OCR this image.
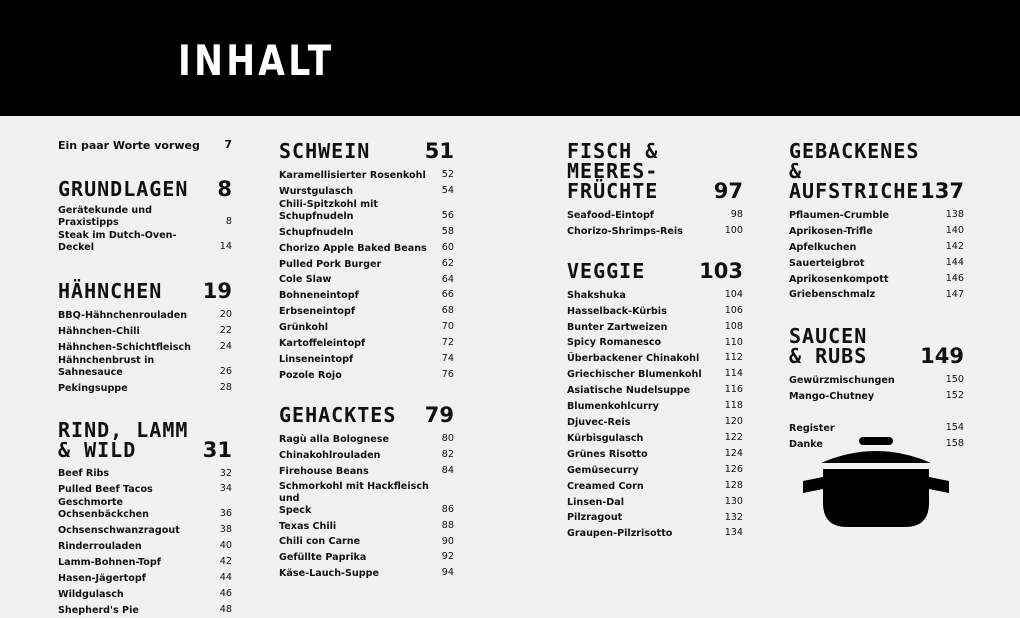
INHALT
Ein paar Worte vorweg	7
GRUNDLAGEN 8
Gerätekunde und Praxistipps	8
Steak im Dutch-Oven-Deckel	14
HÄHNCHEN 19
BBQ-Hähnchenrouladen	20
Hähnchen-Chili	22
Hähnchen-Schichtfleisch	24
Hähnchenbrust in Sahnesauce	26
Pekingsuppe	28
RIND, LAMM
& WILD	31
Beef Ribs	32
Pulled Beef Tacos	34
Geschmorte Ochsenbäckchen	36
Ochsenschwanzragout	38
Rinderrouladen	40
Lamm-Bohnen-Topf	42
Hasen-Jägertopf	44
Wildgulasch	46
Shepherd's Pie	48
SCHWEIN	51
Karamellisierter Rosenkohl	52
Wurstgulasch	54
Chili-Spitzkohl mit Schupfnudeln	56
Schupfnudeln	58
Chorizo Apple Baked Beans	60
Pulled Pork Burger	62
Cole Slaw	64
Bohneneintopf	66
Erbseneintopf	68
Grünkohl	70
Kartoffeleintopf	72
Linseneintopf	74
Pozole Rojo	76
GEHACKTES 79
Ragù alla Bolognese	80
Chinakohlrouladen	82
Firehouse Beans	84
Schmorkohl mit Hackfleisch und
Speck	86
Texas Chili	88
Chili con Carne	90
Gefüllte Paprika	92
Käse-Lauch-Suppe	94
FISCH & MEERES-
FRÜCHTE	97
Seafood-Eintopf	98
Chorizo-Shrimps-Reis	100
VEGGIE	103
Shakshuka	104
Hasselback-Kürbis	106
Bunter Zartweizen	108
Spicy Romanesco	110
Überbackener Chinakohl	112
Griechischer Blumenkohl 114
Asiatische Nudelsuppe	116
Blumenkohlcurry	118
Djuvec-Reis	120
Kürbisgulasch	122
Grünes Risotto	124
Gemüsecurry	126
Creamed Corn	128
Linsen-Dal	130
Pilzragout	132
Graupen-Pilzrisotto	134
GEBACKENES &
AUFSTRICHE 137
Pflaumen-Crumble	138
Aprikosen-Trifle	140
Apfelkuchen	142
Sauerteigbrot	144
Aprikosenkompott	146
Griebenschmalz	147
SAUCEN
& RUBS	149
Gewürzmischungen	150
Mango-Chutney	152
Register	154
Danke	158
